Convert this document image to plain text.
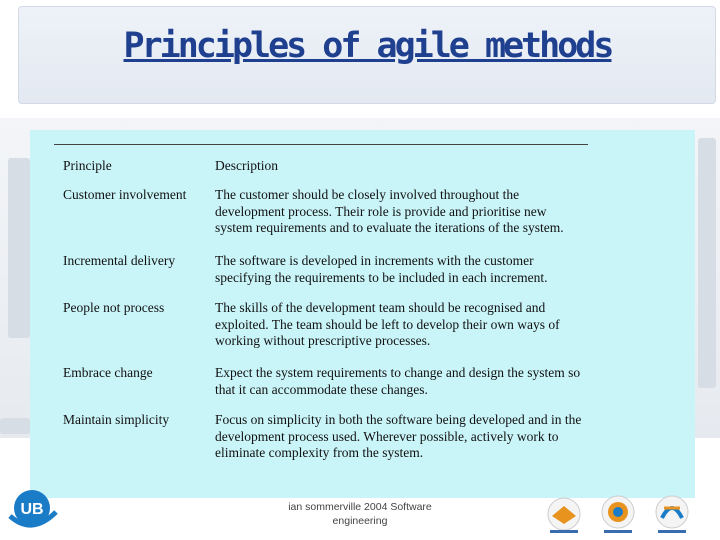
Principles of agile methods
Principle	Description
Customer involvement	The customer should be closely involved throughout the development process. Their role is provide and prioritise new system requirements and to evaluate the iterations of the system.
Incremental delivery	The software is developed in increments with the customer specifying the requirements to be included in each increment.
People not process	The skills of the development team should be recognised and exploited. The team should be left to develop their own ways of working without prescriptive processes.
Embrace change	Expect the system requirements to change and design the system so that it can accommodate these changes.
Maintain simplicity	Focus on simplicity in both the software being developed and in the development process used. Wherever possible, actively work to eliminate complexity from the system.
ian sommerville 2004 Software engineering
UB
